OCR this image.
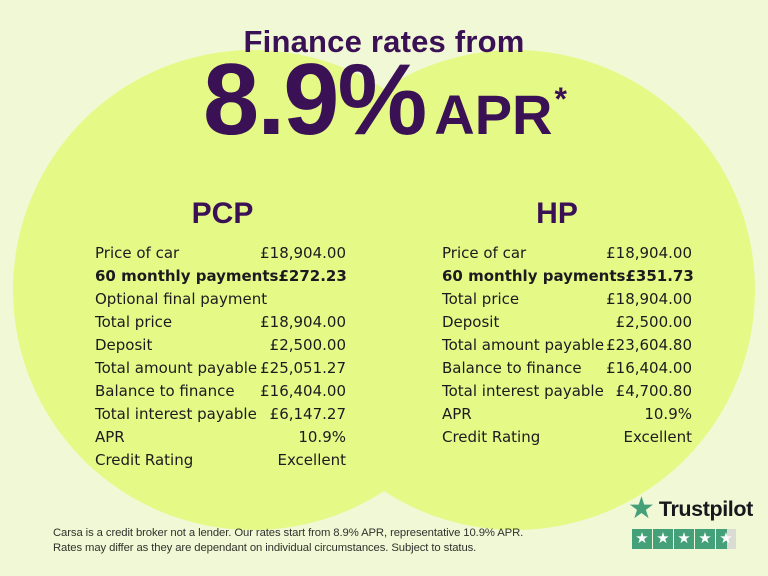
Finance rates from
8.9% APR*
PCP	HP
Price of car	£18,904.00
60 monthly payments £272.23
Optional final payment
Total price	£18,904.00
Deposit	£2,500.00
Total amount payable £25,051.27
Balance to finance £16,404.00
Total interest payable £6,147.27
APR	10.9%
Credit Rating	Excellent
Price of car	£18,904.00
60 monthly payments £351.73
Total price	£18,904.00
Deposit	£2,500.00
Total amount payable £23,604.80
Balance to finance £16,404.00
Total interest payable £4,700.80
APR	10.9%
Credit Rating	Excellent
Carsa is a credit broker not a lender. Our rates start from 8.9% APR, representative 10.9% APR.
Rates may differ as they are dependant on individual circumstances. Subject to status.
★
Trustpilot
★
★
★
★
★
